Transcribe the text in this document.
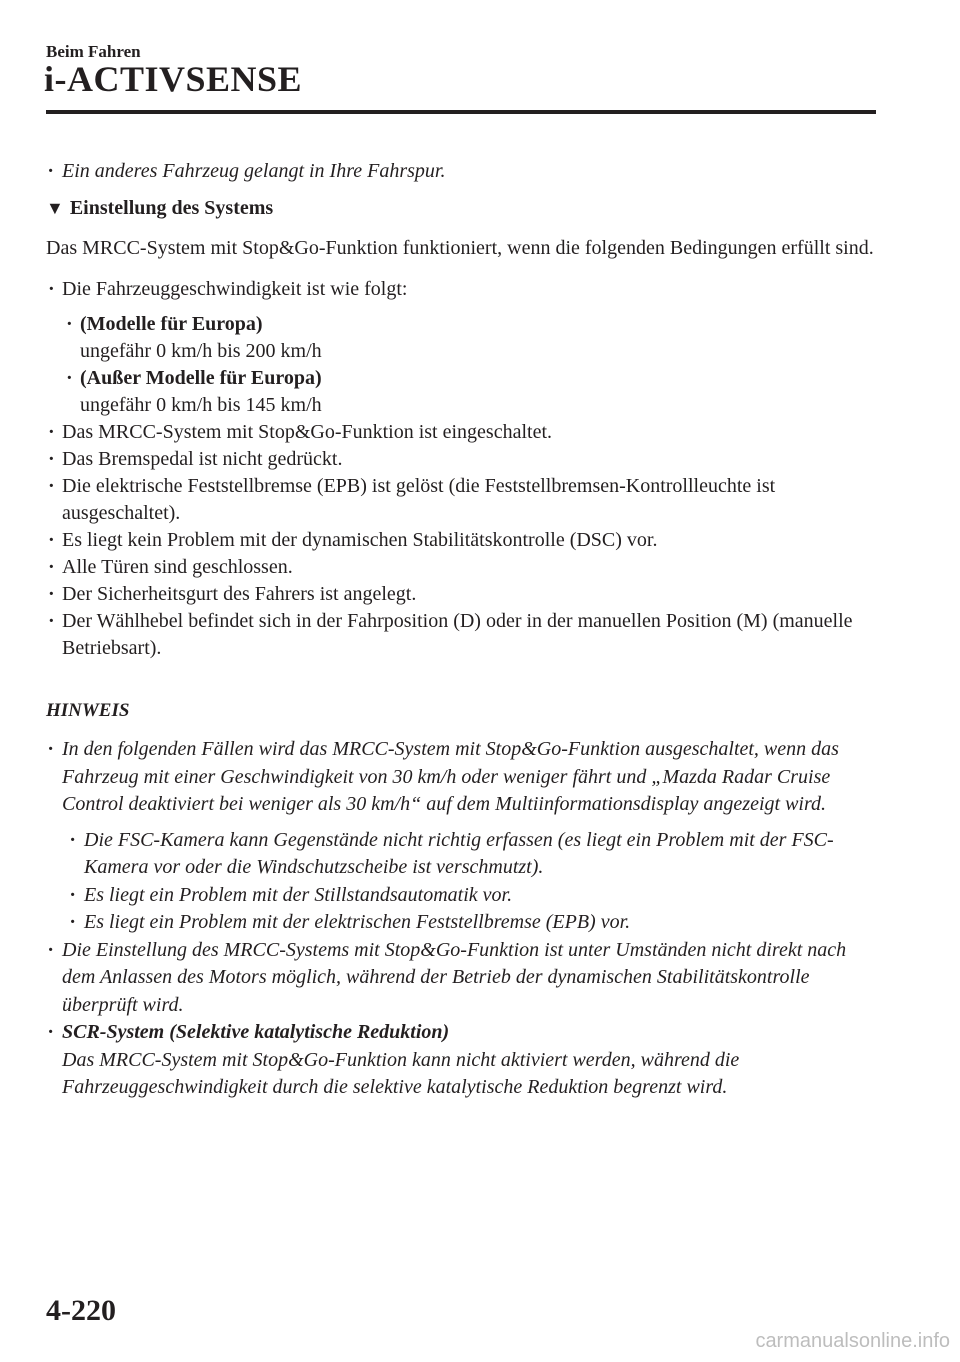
Beim Fahren
i-ACTIVSENSE
· Ein anderes Fahrzeug gelangt in Ihre Fahrspur.
▼ Einstellung des Systems
Das MRCC-System mit Stop&Go-Funktion funktioniert, wenn die folgenden Bedingungen erfüllt sind.
· Die Fahrzeuggeschwindigkeit ist wie folgt:
· (Modelle für Europa)
ungefähr 0 km/h bis 200 km/h
· (Außer Modelle für Europa)
ungefähr 0 km/h bis 145 km/h
· Das MRCC-System mit Stop&Go-Funktion ist eingeschaltet.
· Das Bremspedal ist nicht gedrückt.
· Die elektrische Feststellbremse (EPB) ist gelöst (die Feststellbremsen-Kontrollleuchte ist ausgeschaltet).
· Es liegt kein Problem mit der dynamischen Stabilitätskontrolle (DSC) vor.
· Alle Türen sind geschlossen.
· Der Sicherheitsgurt des Fahrers ist angelegt.
· Der Wählhebel befindet sich in der Fahrposition (D) oder in der manuellen Position (M) (manuelle Betriebsart).
HINWEIS
· In den folgenden Fällen wird das MRCC-System mit Stop&Go-Funktion ausgeschaltet, wenn das Fahrzeug mit einer Geschwindigkeit von 30 km/h oder weniger fährt und „Mazda Radar Cruise Control deaktiviert bei weniger als 30 km/h“ auf dem Multiinformationsdisplay angezeigt wird.
· Die FSC-Kamera kann Gegenstände nicht richtig erfassen (es liegt ein Problem mit der FSC-Kamera vor oder die Windschutzscheibe ist verschmutzt).
· Es liegt ein Problem mit der Stillstandsautomatik vor.
· Es liegt ein Problem mit der elektrischen Feststellbremse (EPB) vor.
· Die Einstellung des MRCC-Systems mit Stop&Go-Funktion ist unter Umständen nicht direkt nach dem Anlassen des Motors möglich, während der Betrieb der dynamischen Stabilitätskontrolle überprüft wird.
· SCR-System (Selektive katalytische Reduktion)
Das MRCC-System mit Stop&Go-Funktion kann nicht aktiviert werden, während die Fahrzeuggeschwindigkeit durch die selektive katalytische Reduktion begrenzt wird.
4-220
carmanualsonline.info
